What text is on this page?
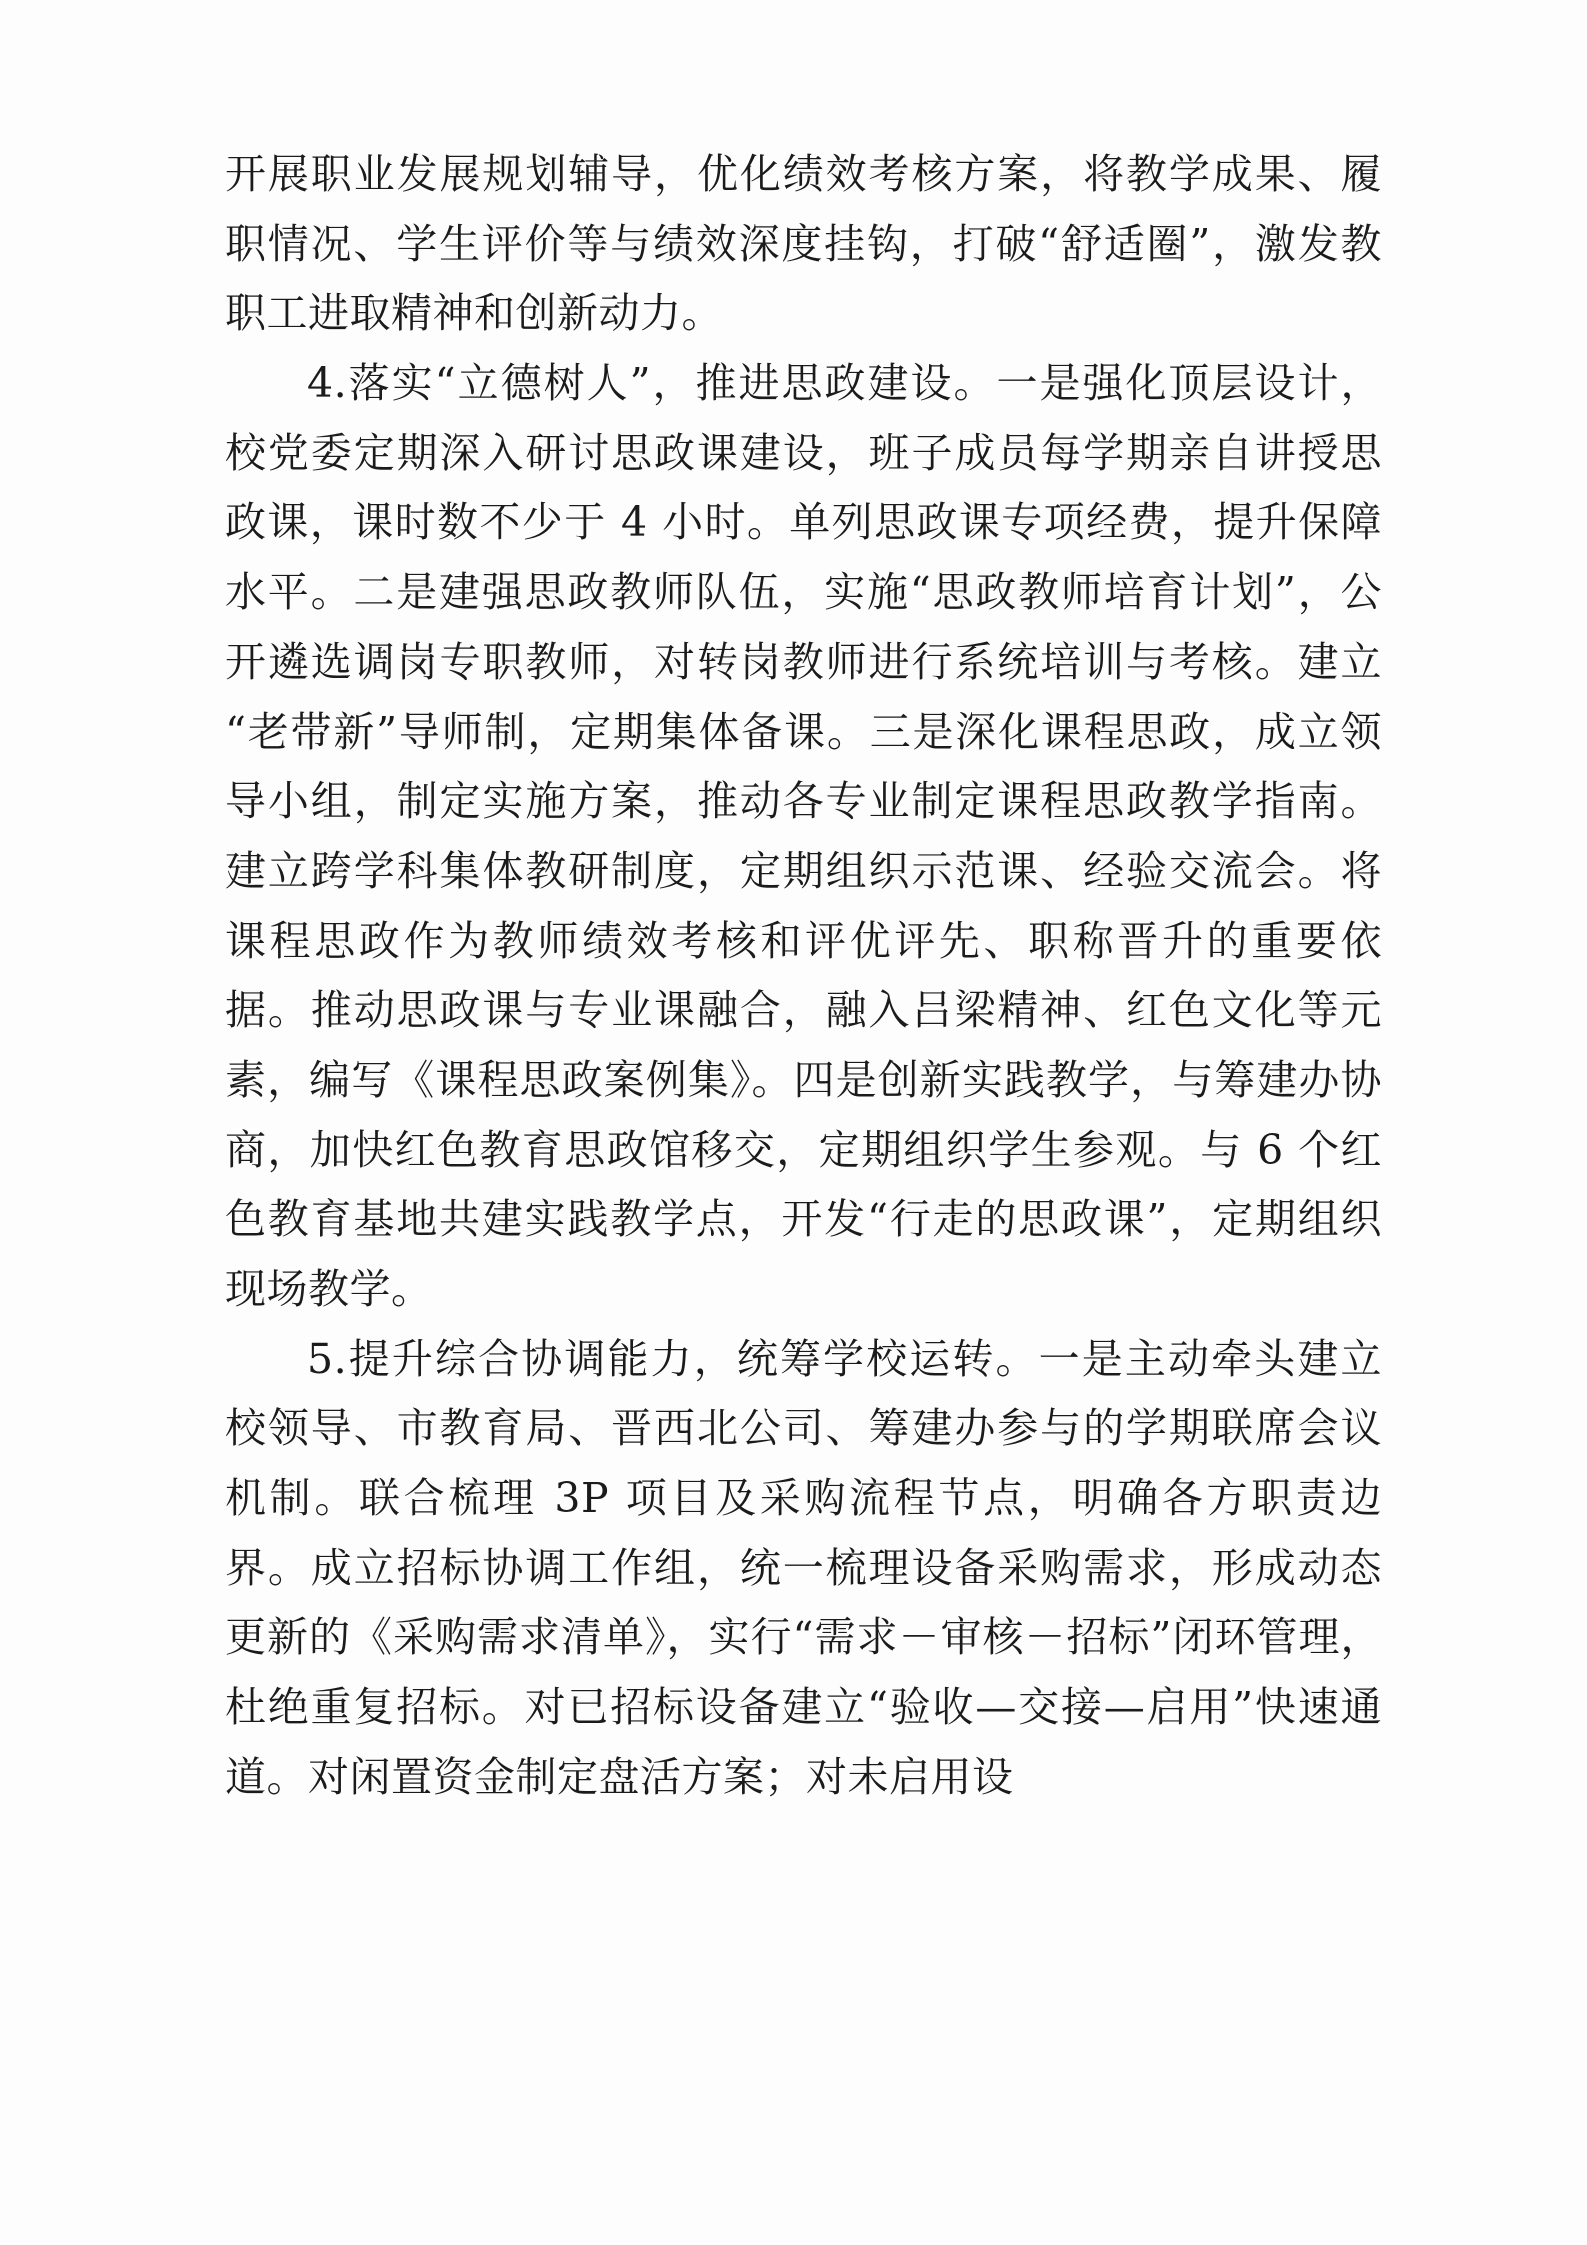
开展职业发展规划辅导，优化绩效考核方案，将教学成果、履职情况、学生评价等与绩效深度挂钩，打破“舒适圈”，激发教职工进取精神和创新动力。

4.落实“立德树人”，推进思政建设。一是强化顶层设计，校党委定期深入研讨思政课建设，班子成员每学期亲自讲授思政课，课时数不少于 4 小时。单列思政课专项经费，提升保障水平。二是建强思政教师队伍，实施“思政教师培育计划”，公开遴选调岗专职教师，对转岗教师进行系统培训与考核。建立“老带新”导师制，定期集体备课。三是深化课程思政，成立领导小组，制定实施方案，推动各专业制定课程思政教学指南。建立跨学科集体教研制度，定期组织示范课、经验交流会。将课程思政作为教师绩效考核和评优评先、职称晋升的重要依据。推动思政课与专业课融合，融入吕梁精神、红色文化等元素，编写《课程思政案例集》。四是创新实践教学，与筹建办协商，加快红色教育思政馆移交，定期组织学生参观。与 6 个红色教育基地共建实践教学点，开发“行走的思政课”，定期组织现场教学。

5.提升综合协调能力，统筹学校运转。一是主动牵头建立校领导、市教育局、晋西北公司、筹建办参与的学期联席会议机制。联合梳理 3P 项目及采购流程节点，明确各方职责边界。成立招标协调工作组，统一梳理设备采购需求，形成动态更新的《采购需求清单》，实行“需求－审核－招标”闭环管理，杜绝重复招标。对已招标设备建立“验收—交接—启用”快速通道。对闲置资金制定盘活方案；对未启用设
